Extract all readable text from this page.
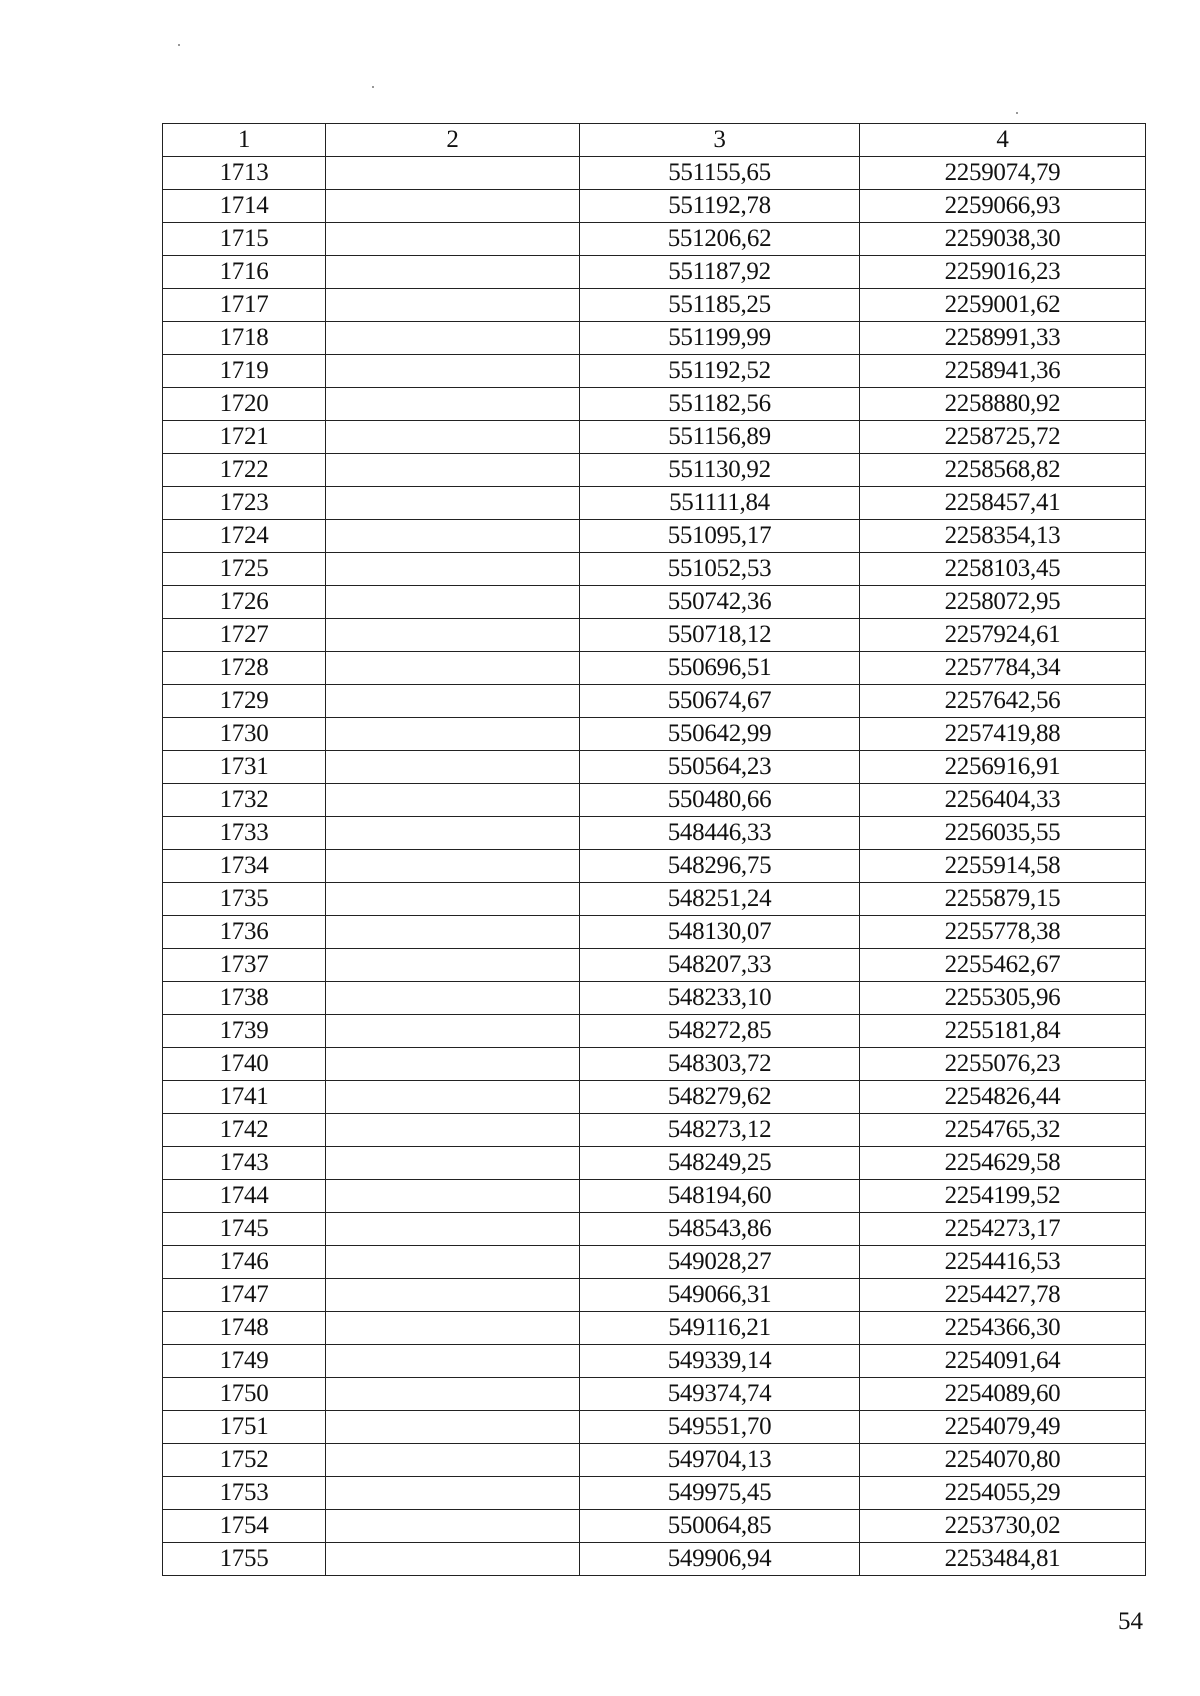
1	2	3	4
1713		551155,65	2259074,79
1714		551192,78	2259066,93
1715		551206,62	2259038,30
1716		551187,92	2259016,23
1717		551185,25	2259001,62
1718		551199,99	2258991,33
1719		551192,52	2258941,36
1720		551182,56	2258880,92
1721		551156,89	2258725,72
1722		551130,92	2258568,82
1723		551111,84	2258457,41
1724		551095,17	2258354,13
1725		551052,53	2258103,45
1726		550742,36	2258072,95
1727		550718,12	2257924,61
1728		550696,51	2257784,34
1729		550674,67	2257642,56
1730		550642,99	2257419,88
1731		550564,23	2256916,91
1732		550480,66	2256404,33
1733		548446,33	2256035,55
1734		548296,75	2255914,58
1735		548251,24	2255879,15
1736		548130,07	2255778,38
1737		548207,33	2255462,67
1738		548233,10	2255305,96
1739		548272,85	2255181,84
1740		548303,72	2255076,23
1741		548279,62	2254826,44
1742		548273,12	2254765,32
1743		548249,25	2254629,58
1744		548194,60	2254199,52
1745		548543,86	2254273,17
1746		549028,27	2254416,53
1747		549066,31	2254427,78
1748		549116,21	2254366,30
1749		549339,14	2254091,64
1750		549374,74	2254089,60
1751		549551,70	2254079,49
1752		549704,13	2254070,80
1753		549975,45	2254055,29
1754		550064,85	2253730,02
1755		549906,94	2253484,81
54
